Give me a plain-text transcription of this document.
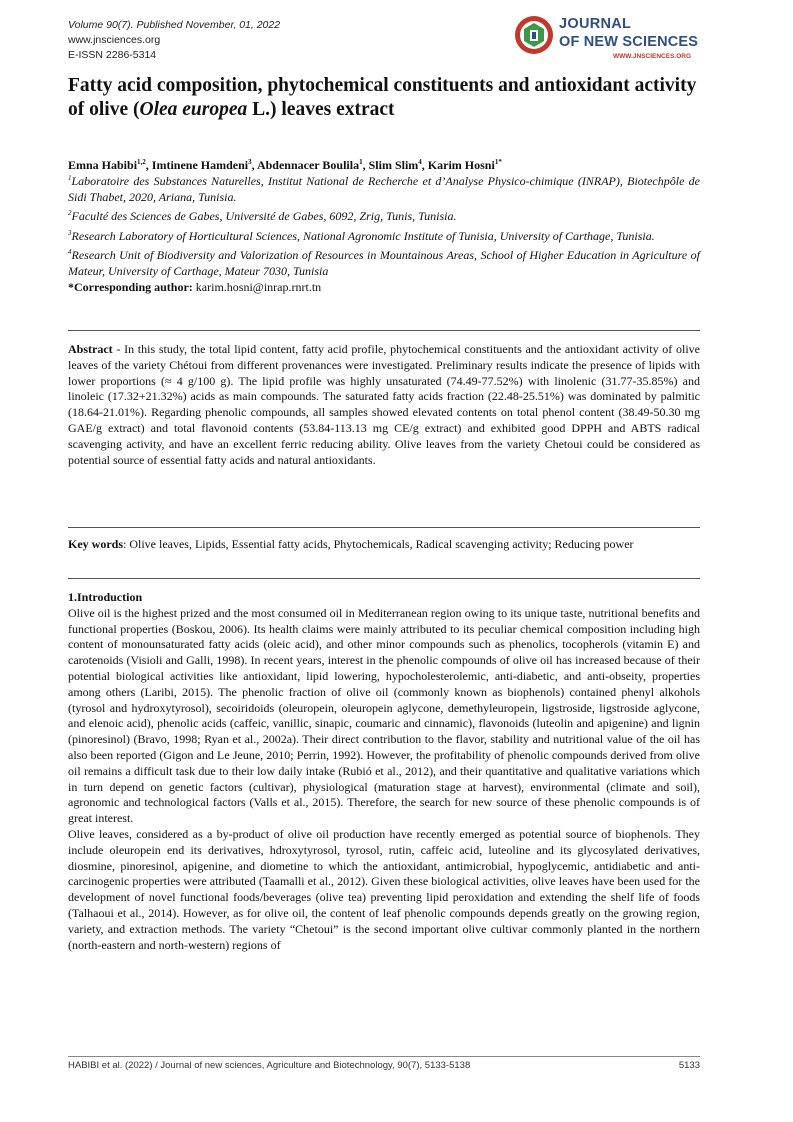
Volume 90(7). Published November, 01, 2022
www.jnsciences.org
E-ISSN 2286-5314
JOURNAL
OF NEW SCIENCES
WWW.JNSCIENCES.ORG
Fatty acid composition, phytochemical constituents and antioxidant activity of olive (Olea europea L.) leaves extract
Emna Habibi$^{1,2}$, Imtinene Hamdeni$^3$, Abdennacer Boulila$^1$, Slim Slim$^4$, Karim Hosni$^{1*}$

$^1$Laboratoire des Substances Naturelles, Institut National de Recherche et d’Analyse Physico-chimique (INRAP), Biotechpôle de Sidi Thabet, 2020, Ariana, Tunisia.

$^2$Faculté des Sciences de Gabes, Université de Gabes, 6092, Zrig, Tunis, Tunisia.

$^3$Research Laboratory of Horticultural Sciences, National Agronomic Institute of Tunisia, University of Carthage, Tunisia.

$^4$Research Unit of Biodiversity and Valorization of Resources in Mountainous Areas, School of Higher Education in Agriculture of Mateur, University of Carthage, Mateur 7030, Tunisia

*Corresponding author: karim.hosni@inrap.rnrt.tn

Abstract - In this study, the total lipid content, fatty acid profile, phytochemical constituents and the antioxidant activity of olive leaves of the variety Chétoui from different provenances were investigated. Preliminary results indicate the presence of lipids with lower proportions (≈ 4 g/100 g). The lipid profile was highly unsaturated (74.49-77.52%) with linolenic (31.77-35.85%) and linoleic (17.32+21.32%) acids as main compounds. The saturated fatty acids fraction (22.48-25.51%) was dominated by palmitic (18.64-21.01%). Regarding phenolic compounds, all samples showed elevated contents on total phenol content (38.49-50.30 mg GAE/g extract) and total flavonoid contents (53.84-113.13 mg CE/g extract) and exhibited good DPPH and ABTS radical scavenging activity, and have an excellent ferric reducing ability. Olive leaves from the variety Chetoui could be considered as potential source of essential fatty acids and natural antioxidants.

Key words: Olive leaves, Lipids, Essential fatty acids, Phytochemicals, Radical scavenging activity; Reducing power

1.Introduction

Olive oil is the highest prized and the most consumed oil in Mediterranean region owing to its unique taste, nutritional benefits and functional properties (Boskou, 2006). Its health claims were mainly attributed to its peculiar chemical composition including high content of monounsaturated fatty acids (oleic acid), and other minor compounds such as phenolics, tocopherols (vitamin E) and carotenoids (Visioli and Galli, 1998). In recent years, interest in the phenolic compounds of olive oil has increased because of their potential biological activities like antioxidant, lipid lowering, hypocholesterolemic, anti-diabetic, and anti-obseity, properties among others (Laribi, 2015). The phenolic fraction of olive oil (commonly known as biophenols) contained phenyl alkohols (tyrosol and hydroxytyrosol), secoiridoids (oleuropein, oleuropein aglycone, demethyleuropein, ligstroside, ligstroside aglycone, and elenoic acid), phenolic acids (caffeic, vanillic, sinapic, coumaric and cinnamic), flavonoids (luteolin and apigenine) and lignin (pinoresinol) (Bravo, 1998; Ryan et al., 2002a). Their direct contribution to the flavor, stability and nutritional value of the oil has also been reported (Gigon and Le Jeune, 2010; Perrin, 1992). However, the profitability of phenolic compounds derived from olive oil remains a difficult task due to their low daily intake (Rubió et al., 2012), and their quantitative and qualitative variations which in turn depend on genetic factors (cultivar), physiological (maturation stage at harvest), environmental (climate and soil), agronomic and technological factors (Valls et al., 2015). Therefore, the search for new source of these phenolic compounds is of great interest.

Olive leaves, considered as a by-product of olive oil production have recently emerged as potential source of biophenols. They include oleuropein end its derivatives, hdroxytyrosol, tyrosol, rutin, caffeic acid, luteoline and its glycosylated derivatives, diosmine, pinoresinol, apigenine, and diometine to which the antioxidant, antimicrobial, hypoglycemic, antidiabetic and anti-carcinogenic properties were attributed (Taamalli et al., 2012). Given these biological activities, olive leaves have been used for the development of novel functional foods/beverages (olive tea) preventing lipid peroxidation and extending the shelf life of foods (Talhaoui et al., 2014). However, as for olive oil, the content of leaf phenolic compounds depends greatly on the growing region, variety, and extraction methods. The variety “Chetoui” is the second important olive cultivar commonly planted in the northern (north-eastern and north-western) regions of

HABIBI et al. (2022) / Journal of new sciences, Agriculture and Biotechnology, 90(7), 5133-5138	5133
